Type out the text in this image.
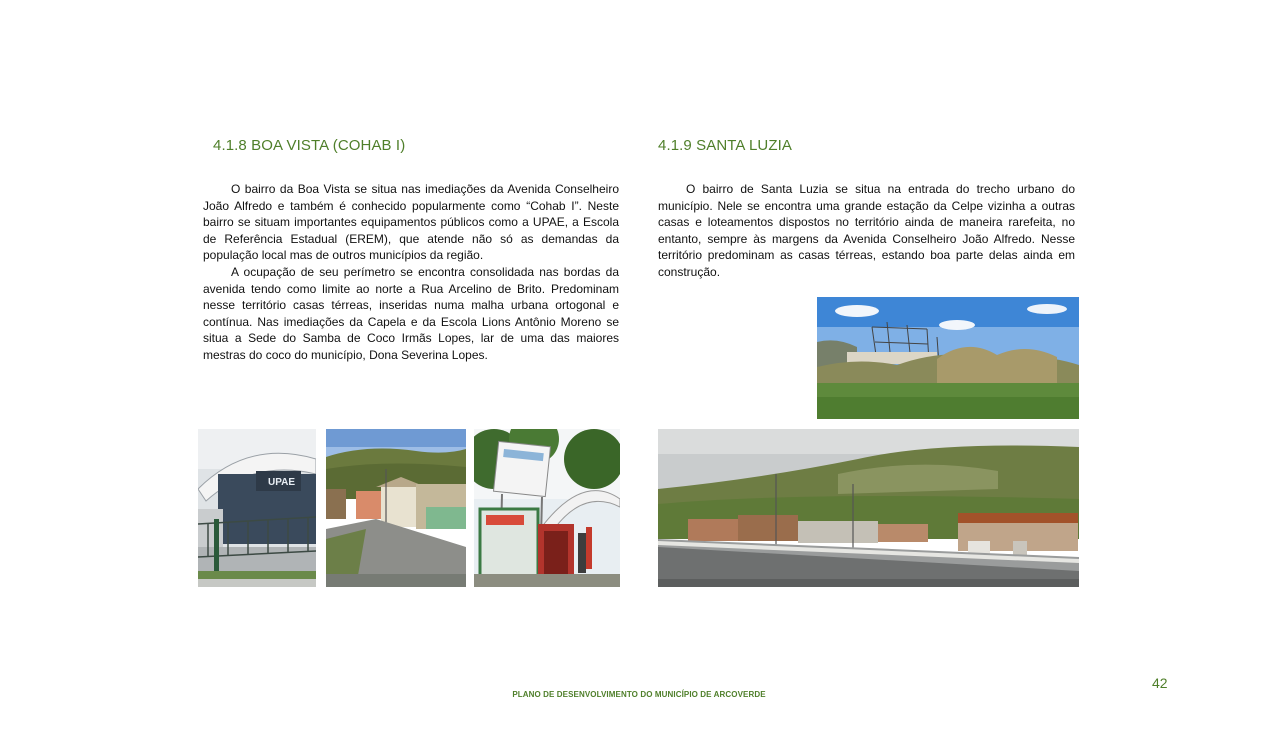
4.1.8 BOA VISTA (COHAB I)

O bairro da Boa Vista se situa nas imediações da Avenida Conselheiro João Alfredo e também é conhecido popularmente como “Cohab I”. Neste bairro se situam importantes equipamentos públicos como a UPAE, a Escola de Referência Estadual (EREM), que atende não só as demandas da população local mas de outros municípios da região.

A ocupação de seu perímetro se encontra consolidada nas bordas da avenida tendo como limite ao norte a Rua Arcelino de Brito. Predominam nesse território casas térreas, inseridas numa malha urbana ortogonal e contínua. Nas imediações da Capela e da Escola Lions Antônio Moreno se situa a Sede do Samba de Coco Irmãs Lopes, lar de uma das maiores mestras do coco do município, Dona Severina Lopes.

4.1.9 SANTA LUZIA

O bairro de Santa Luzia se situa na entrada do trecho urbano do município. Nele se encontra uma grande estação da Celpe vizinha a outras casas e loteamentos dispostos no território ainda de maneira rarefeita, no entanto, sempre às margens da Avenida Conselheiro João Alfredo. Nesse território predominam as casas térreas, estando boa parte delas ainda em construção.

UPAE
42
PLANO DE DESENVOLVIMENTO DO MUNICÍPIO DE ARCOVERDE
